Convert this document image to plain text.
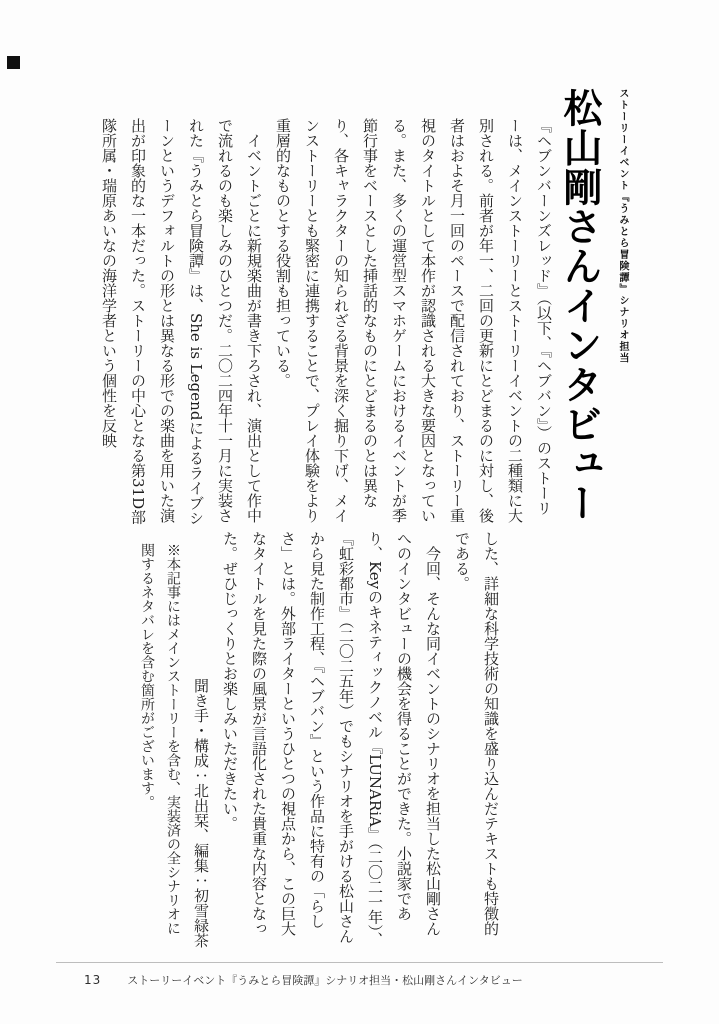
ストーリーイベント『うみとら冒険譚』シナリオ担当
松山剛さんインタビュー

『ヘブンバーンズレッド』（以下、『ヘブバン』）のストーリーは、メインストーリーとストーリーイベントの二種類に大別される。前者が年一、二回の更新にとどまるのに対し、後者はおよそ月一回のペースで配信されており、ストーリー重視のタイトルとして本作が認識される大きな要因となっている。また、多くの運営型スマホゲームにおけるイベントが季節行事をベースとした挿話的なものにとどまるのとは異なり、各キャラクターの知られざる背景を深く掘り下げ、メインストーリーとも緊密に連携することで、プレイ体験をより重層的なものとする役割も担っている。

イベントごとに新規楽曲が書き下ろされ、演出として作中で流れるのも楽しみのひとつだ。二〇二四年十一月に実装された『うみとら冒険譚』は、She is Legendによるライブシーンというデフォルトの形とは異なる形での楽曲を用いた演出が印象的な一本だった。ストーリーの中心となる第31D部隊所属・瑞原あいなの海洋学者という個性を反映

した、詳細な科学技術の知識を盛り込んだテキストも特徴的である。

今回、そんな同イベントのシナリオを担当した松山剛さんへのインタビューの機会を得ることができた。小説家であり、Keyのキネティックノベル『LUNARiA』（二〇二一年）、『虹彩都市』（二〇二五年）でもシナリオを手がける松山さんから見た制作工程、『ヘブバン』という作品に特有の「らしさ」とは。外部ライターというひとつの視点から、この巨大なタイトルを見た際の風景が言語化された貴重な内容となった。ぜひじっくりとお楽しみいただきたい。

聞き手・構成：北出栞、編集：初雪緑茶

※本記事にはメインストーリーを含む、実装済の全シナリオに関するネタバレを含む箇所がございます。

13 ストーリーイベント『うみとら冒険譚』シナリオ担当・松山剛さんインタビュー
